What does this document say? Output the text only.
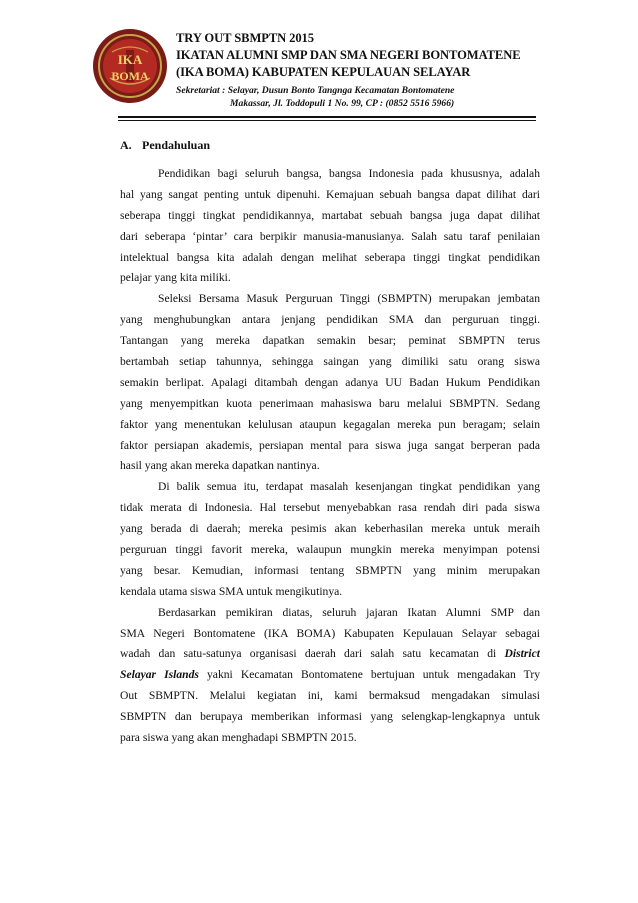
IKA
BOMA
TRY OUT SBMPTN 2015
IKATAN ALUMNI SMP DAN SMA NEGERI BONTOMATENE
(IKA BOMA) KABUPATEN KEPULAUAN SELAYAR
Sekretariat : Selayar, Dusun Bonto Tangnga Kecamatan Bontomatene
Makassar, Jl. Toddopuli 1 No. 99, CP : (0852 5516 5966)
A. Pendahuluan
Pendidikan bagi seluruh bangsa, bangsa Indonesia pada khususnya, adalah
hal yang sangat penting untuk dipenuhi. Kemajuan sebuah bangsa dapat dilihat dari
seberapa tinggi tingkat pendidikannya, martabat sebuah bangsa juga dapat dilihat
dari seberapa ‘pintar’ cara berpikir manusia-manusianya. Salah satu taraf penilaian
intelektual bangsa kita adalah dengan melihat seberapa tinggi tingkat pendidikan
pelajar yang kita miliki.
Seleksi Bersama Masuk Perguruan Tinggi (SBMPTN) merupakan jembatan
yang menghubungkan antara jenjang pendidikan SMA dan perguruan tinggi.
Tantangan yang mereka dapatkan semakin besar; peminat SBMPTN terus
bertambah setiap tahunnya, sehingga saingan yang dimiliki satu orang siswa
semakin berlipat. Apalagi ditambah dengan adanya UU Badan Hukum Pendidikan
yang menyempitkan kuota penerimaan mahasiswa baru melalui SBMPTN. Sedang
faktor yang menentukan kelulusan ataupun kegagalan mereka pun beragam; selain
faktor persiapan akademis, persiapan mental para siswa juga sangat berperan pada
hasil yang akan mereka dapatkan nantinya.
Di balik semua itu, terdapat masalah kesenjangan tingkat pendidikan yang
tidak merata di Indonesia. Hal tersebut menyebabkan rasa rendah diri pada siswa
yang berada di daerah; mereka pesimis akan keberhasilan mereka untuk meraih
perguruan tinggi favorit mereka, walaupun mungkin mereka menyimpan potensi
yang besar. Kemudian, informasi tentang SBMPTN yang minim merupakan
kendala utama siswa SMA untuk mengikutinya.
Berdasarkan pemikiran diatas, seluruh jajaran Ikatan Alumni SMP dan
SMA Negeri Bontomatene (IKA BOMA) Kabupaten Kepulauan Selayar sebagai
wadah dan satu-satunya organisasi daerah dari salah satu kecamatan di District
Selayar Islands yakni Kecamatan Bontomatene bertujuan untuk mengadakan Try
Out SBMPTN. Melalui kegiatan ini, kami bermaksud mengadakan simulasi
SBMPTN dan berupaya memberikan informasi yang selengkap-lengkapnya untuk
para siswa yang akan menghadapi SBMPTN 2015.
